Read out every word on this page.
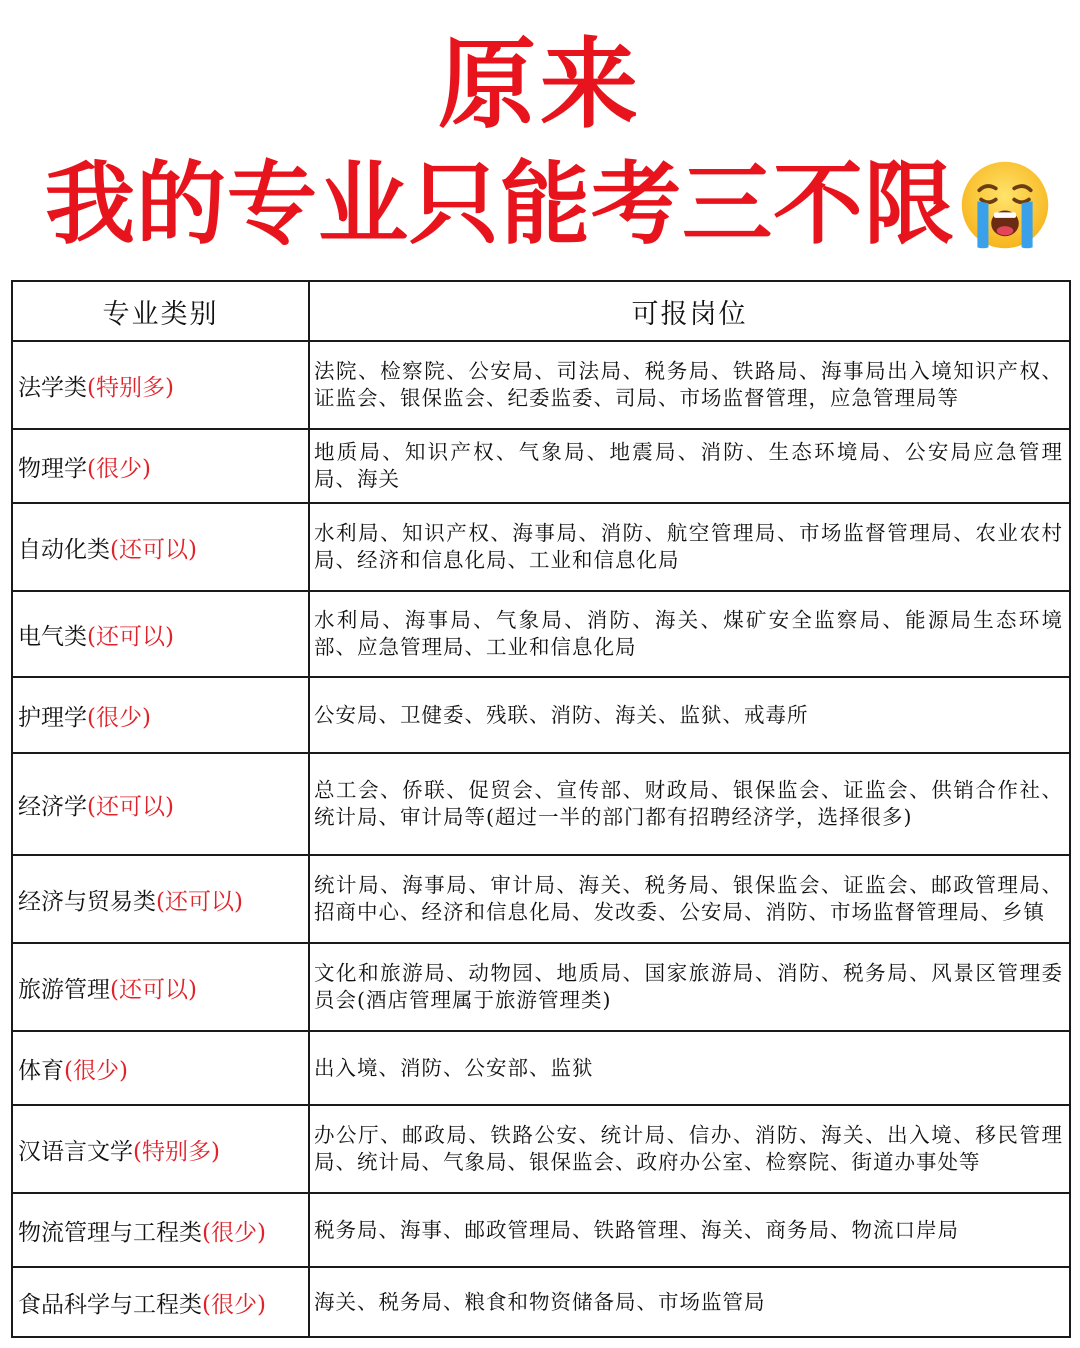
原来
我的专业只能考三不限
专业类别	可报岗位
法学类(特别多)	法院、检察院、公安局、司法局、税务局、铁路局、海事局出入境知识产权、证监会、银保监会、纪委监委、司局、市场监督管理，应急管理局等
物理学(很少)	地质局、知识产权、气象局、地震局、消防、生态环境局、公安局应急管理局、海关
自动化类(还可以)	水利局、知识产权、海事局、消防、航空管理局、市场监督管理局、农业农村局、经济和信息化局、工业和信息化局
电气类(还可以)	水利局、海事局、气象局、消防、海关、煤矿安全监察局、能源局生态环境部、应急管理局、工业和信息化局
护理学(很少)	公安局、卫健委、残联、消防、海关、监狱、戒毒所
经济学(还可以)	总工会、侨联、促贸会、宣传部、财政局、银保监会、证监会、供销合作社、统计局、审计局等(超过一半的部门都有招聘经济学，选择很多)
经济与贸易类(还可以)	统计局、海事局、审计局、海关、税务局、银保监会、证监会、邮政管理局、招商中心、经济和信息化局、发改委、公安局、消防、市场监督管理局、乡镇
旅游管理(还可以)	文化和旅游局、动物园、地质局、国家旅游局、消防、税务局、风景区管理委员会(酒店管理属于旅游管理类)
体育(很少)	出入境、消防、公安部、监狱
汉语言文学(特别多)	办公厅、邮政局、铁路公安、统计局、信办、消防、海关、出入境、移民管理局、统计局、气象局、银保监会、政府办公室、检察院、街道办事处等
物流管理与工程类(很少)	税务局、海事、邮政管理局、铁路管理、海关、商务局、物流口岸局
食品科学与工程类(很少)	海关、税务局、粮食和物资储备局、市场监管局
